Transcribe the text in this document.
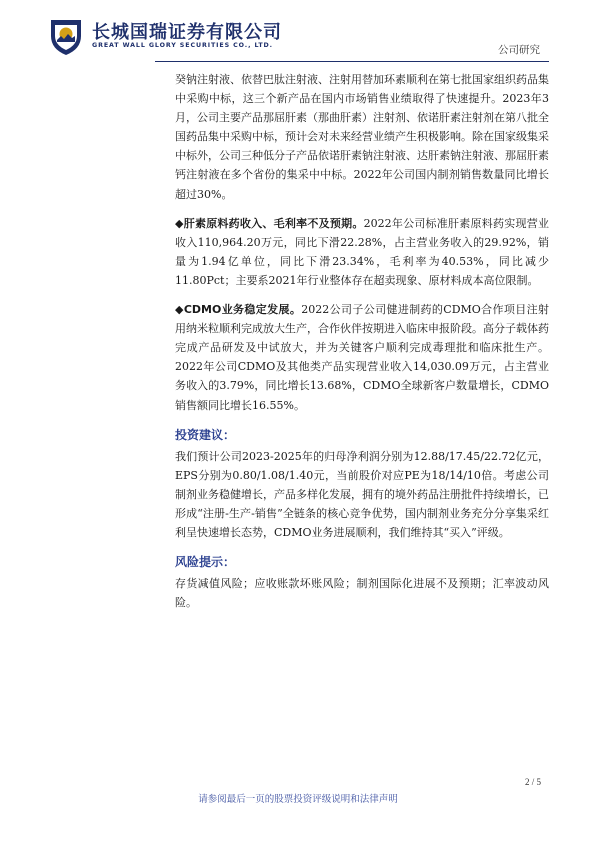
长城国瑞证券有限公司
GREAT WALL GLORY SECURITIES CO., LTD.	公司研究

癸钠注射液、依替巴肽注射液、注射用替加环素顺利在第七批国家组织药品集中采购中标，这三个新产品在国内市场销售业绩取得了快速提升。2023年3月，公司主要产品那屈肝素（那曲肝素）注射剂、依诺肝素注射剂在第八批全国药品集中采购中标，预计会对未来经营业绩产生积极影响。除在国家级集采中标外，公司三种低分子产品依诺肝素钠注射液、达肝素钠注射液、那屈肝素钙注射液在多个省份的集采中中标。2022年公司国内制剂销售数量同比增长超过30%。

◆肝素原料药收入、毛利率不及预期。2022年公司标准肝素原料药实现营业收入110,964.20万元，同比下滑22.28%，占主营业务收入的29.92%，销量为1.94亿单位，同比下滑23.34%，毛利率为40.53%，同比减少11.80Pct；主要系2021年行业整体存在超卖现象、原材料成本高位限制。

◆CDMO业务稳定发展。2022公司子公司健进制药的CDMO合作项目注射用纳米粒顺利完成放大生产，合作伙伴按期进入临床申报阶段。高分子载体药完成产品研发及中试放大，并为关键客户顺利完成毒理批和临床批生产。2022年公司CDMO及其他类产品实现营业收入14,030.09万元，占主营业务收入的3.79%，同比增长13.68%，CDMO全球新客户数量增长，CDMO销售额同比增长16.55%。

投资建议：

我们预计公司2023-2025年的归母净利润分别为12.88/17.45/22.72亿元，EPS分别为0.80/1.08/1.40元，当前股价对应PE为18/14/10倍。考虑公司制剂业务稳健增长，产品多样化发展，拥有的境外药品注册批件持续增长，已形成“注册-生产-销售”全链条的核心竞争优势，国内制剂业务充分分享集采红利呈快速增长态势，CDMO业务进展顺利，我们维持其“买入”评级。

风险提示：

存货减值风险；应收账款坏账风险；制剂国际化进展不及预期；汇率波动风险。

2 / 5
请参阅最后一页的股票投资评级说明和法律声明
